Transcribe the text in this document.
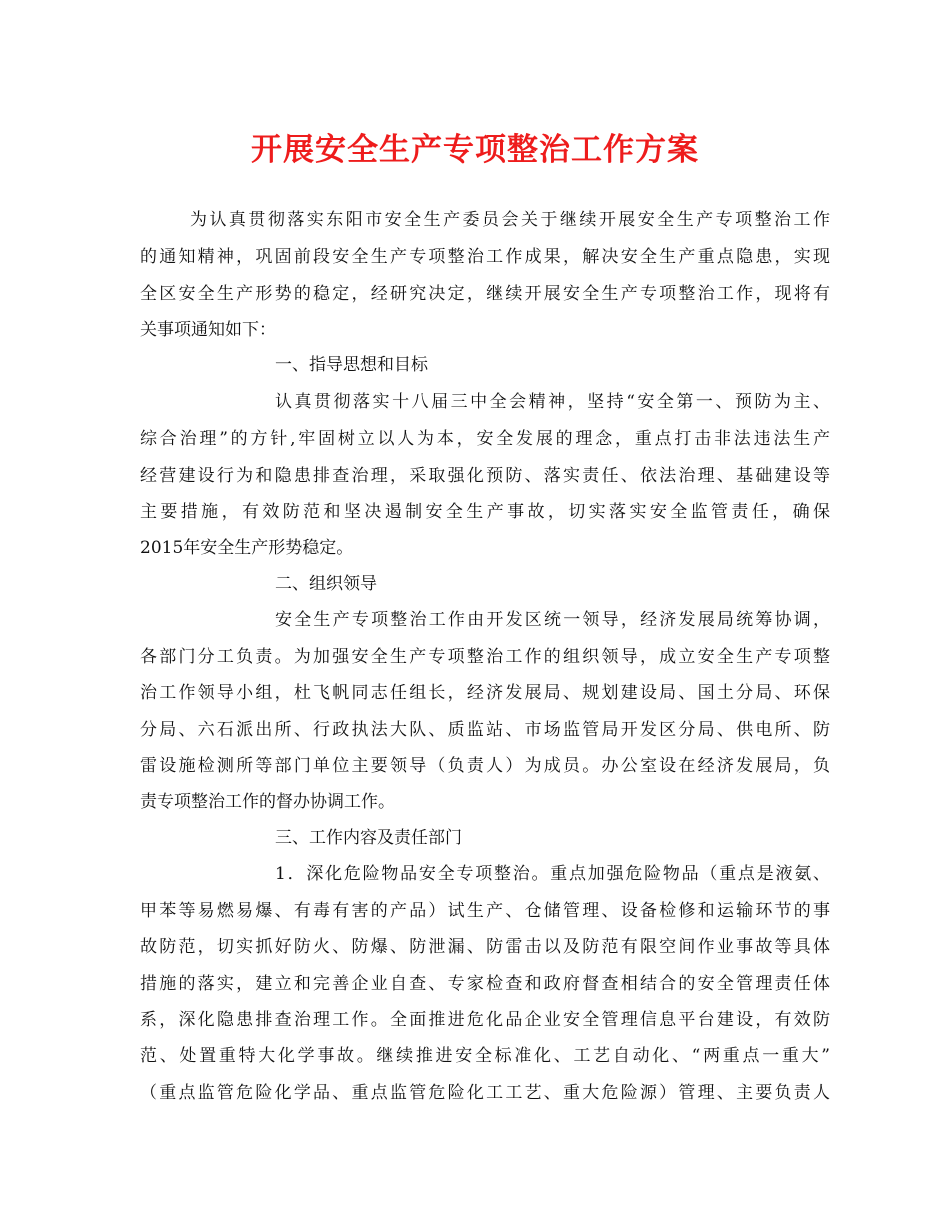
开展安全生产专项整治工作方案
为认真贯彻落实东阳市安全生产委员会关于继续开展安全生产专项整治工作
的通知精神，巩固前段安全生产专项整治工作成果，解决安全生产重点隐患，实现
全区安全生产形势的稳定，经研究决定，继续开展安全生产专项整治工作，现将有
关事项通知如下：
一、指导思想和目标
认真贯彻落实十八届三中全会精神，坚持“安全第一、预防为主、
综合治理”的方针,牢固树立以人为本，安全发展的理念，重点打击非法违法生产
经营建设行为和隐患排查治理，采取强化预防、落实责任、依法治理、基础建设等
主要措施，有效防范和坚决遏制安全生产事故，切实落实安全监管责任，确保
2015年安全生产形势稳定。
二、组织领导
安全生产专项整治工作由开发区统一领导，经济发展局统筹协调，
各部门分工负责。为加强安全生产专项整治工作的组织领导，成立安全生产专项整
治工作领导小组，杜飞帆同志任组长，经济发展局、规划建设局、国土分局、环保
分局、六石派出所、行政执法大队、质监站、市场监管局开发区分局、供电所、防
雷设施检测所等部门单位主要领导（负责人）为成员。办公室设在经济发展局，负
责专项整治工作的督办协调工作。
三、工作内容及责任部门
1．深化危险物品安全专项整治。重点加强危险物品（重点是液氨、
甲苯等易燃易爆、有毒有害的产品）试生产、仓储管理、设备检修和运输环节的事
故防范，切实抓好防火、防爆、防泄漏、防雷击以及防范有限空间作业事故等具体
措施的落实，建立和完善企业自查、专家检查和政府督查相结合的安全管理责任体
系，深化隐患排查治理工作。全面推进危化品企业安全管理信息平台建设，有效防
范、处置重特大化学事故。继续推进安全标准化、工艺自动化、“两重点一重大”
（重点监管危险化学品、重点监管危险化工工艺、重大危险源）管理、主要负责人
